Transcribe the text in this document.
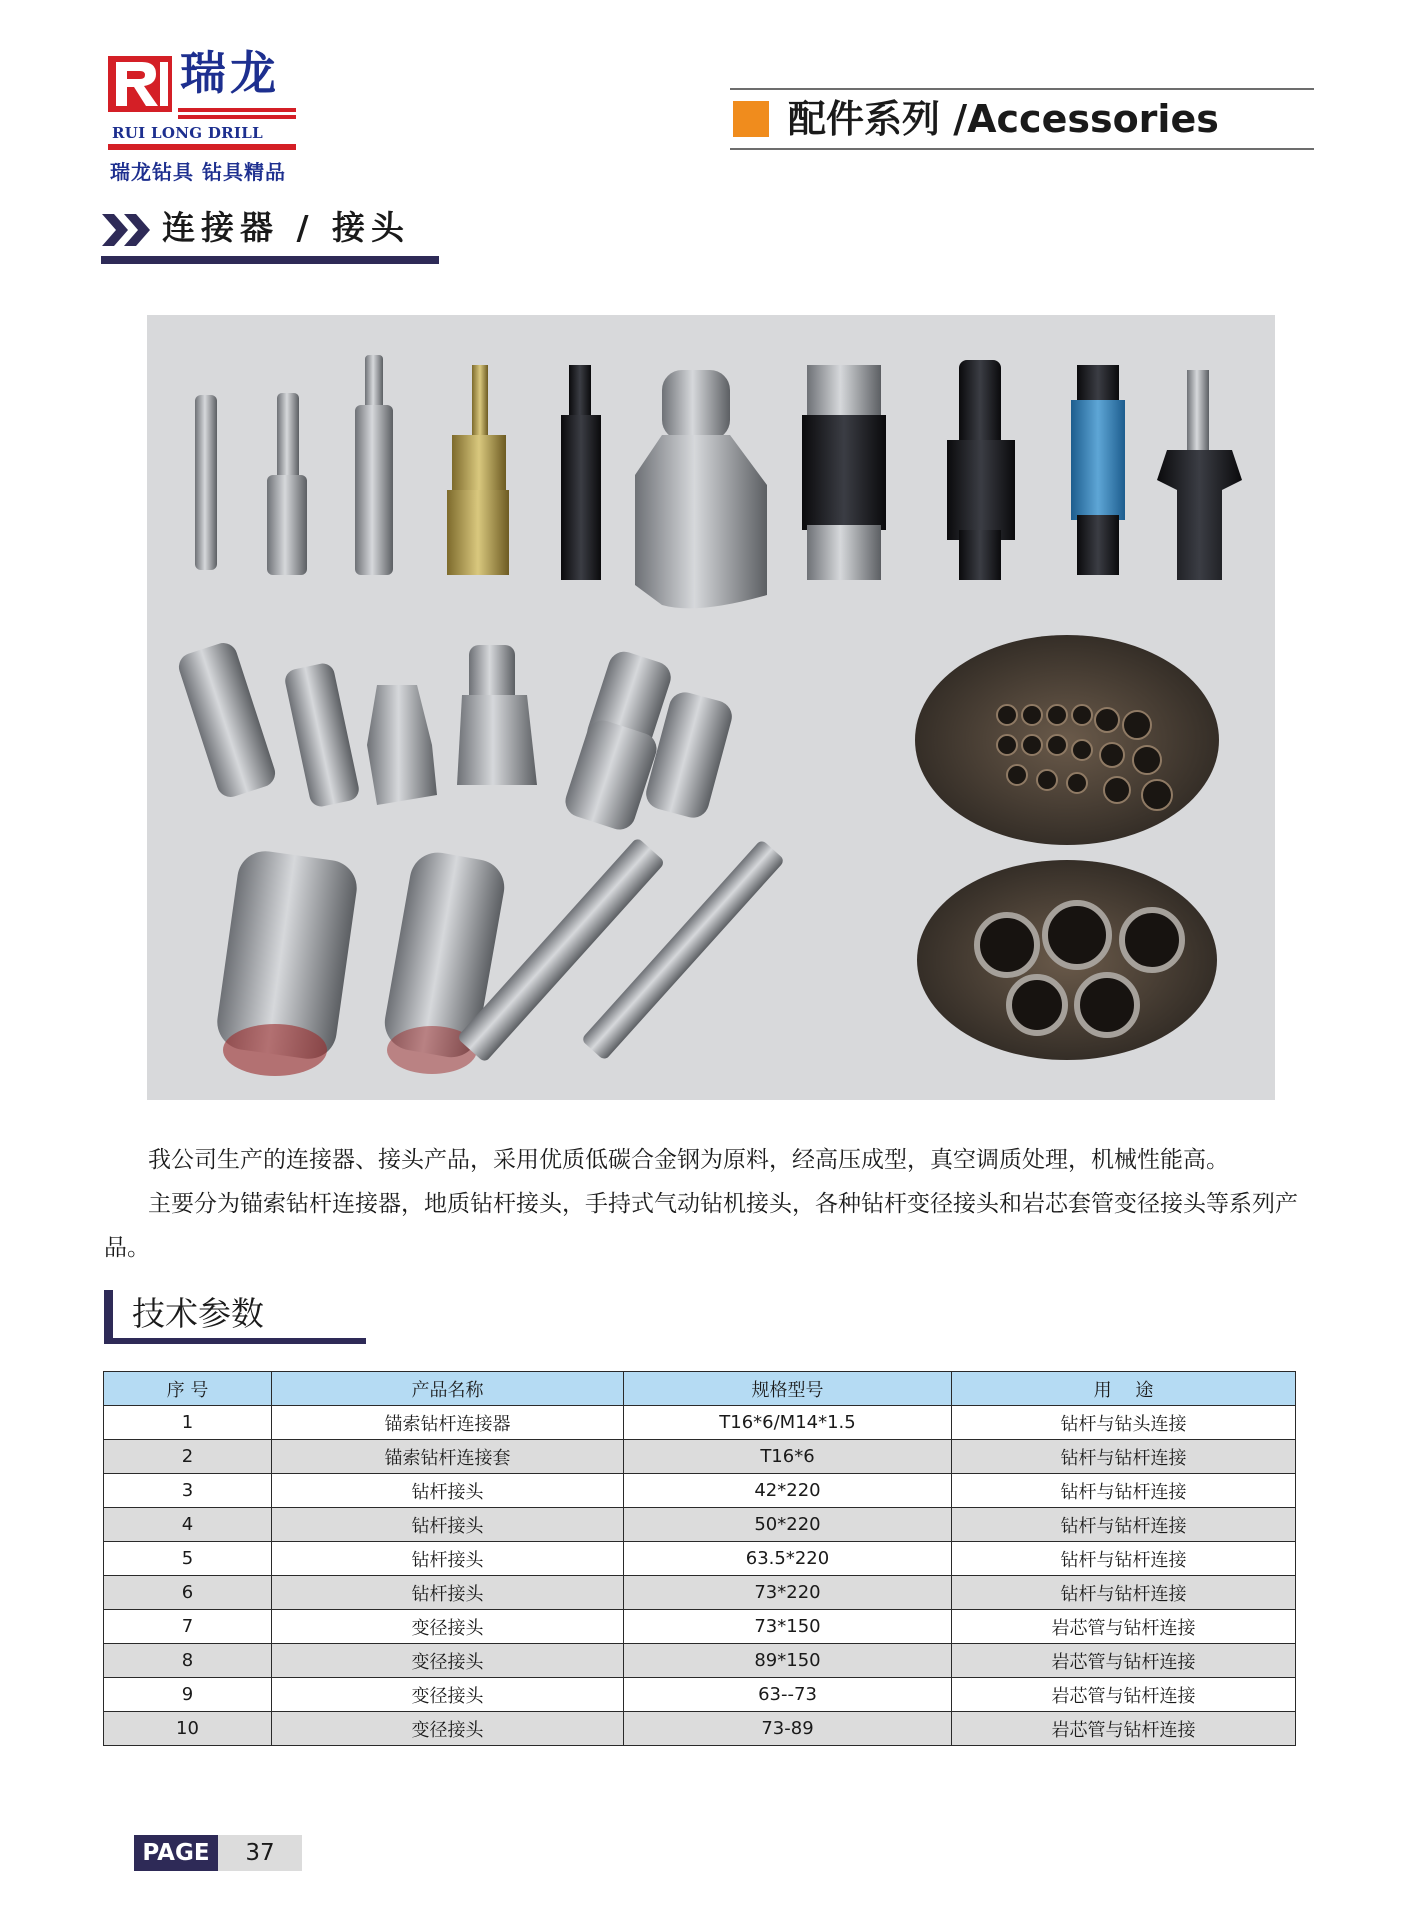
瑞龙
RUI LONG DRILL
瑞龙钻具 钻具精品
配件系列 /Accessories
连接器 / 接头
我公司生产的连接器、接头产品，采用优质低碳合金钢为原料，经高压成型，真空调质处理，机械性能高。
主要分为锚索钻杆连接器，地质钻杆接头，手持式气动钻机接头，各种钻杆变径接头和岩芯套管变径接头等系列产品。
技术参数
序 号	产品名称	规格型号	用　 途
1	锚索钻杆连接器	T16*6/M14*1.5	钻杆与钻头连接
2	锚索钻杆连接套	T16*6	钻杆与钻杆连接
3	钻杆接头	42*220	钻杆与钻杆连接
4	钻杆接头	50*220	钻杆与钻杆连接
5	钻杆接头	63.5*220	钻杆与钻杆连接
6	钻杆接头	73*220	钻杆与钻杆连接
7	变径接头	73*150	岩芯管与钻杆连接
8	变径接头	89*150	岩芯管与钻杆连接
9	变径接头	63--73	岩芯管与钻杆连接
10	变径接头	73-89	岩芯管与钻杆连接
PAGE	37
